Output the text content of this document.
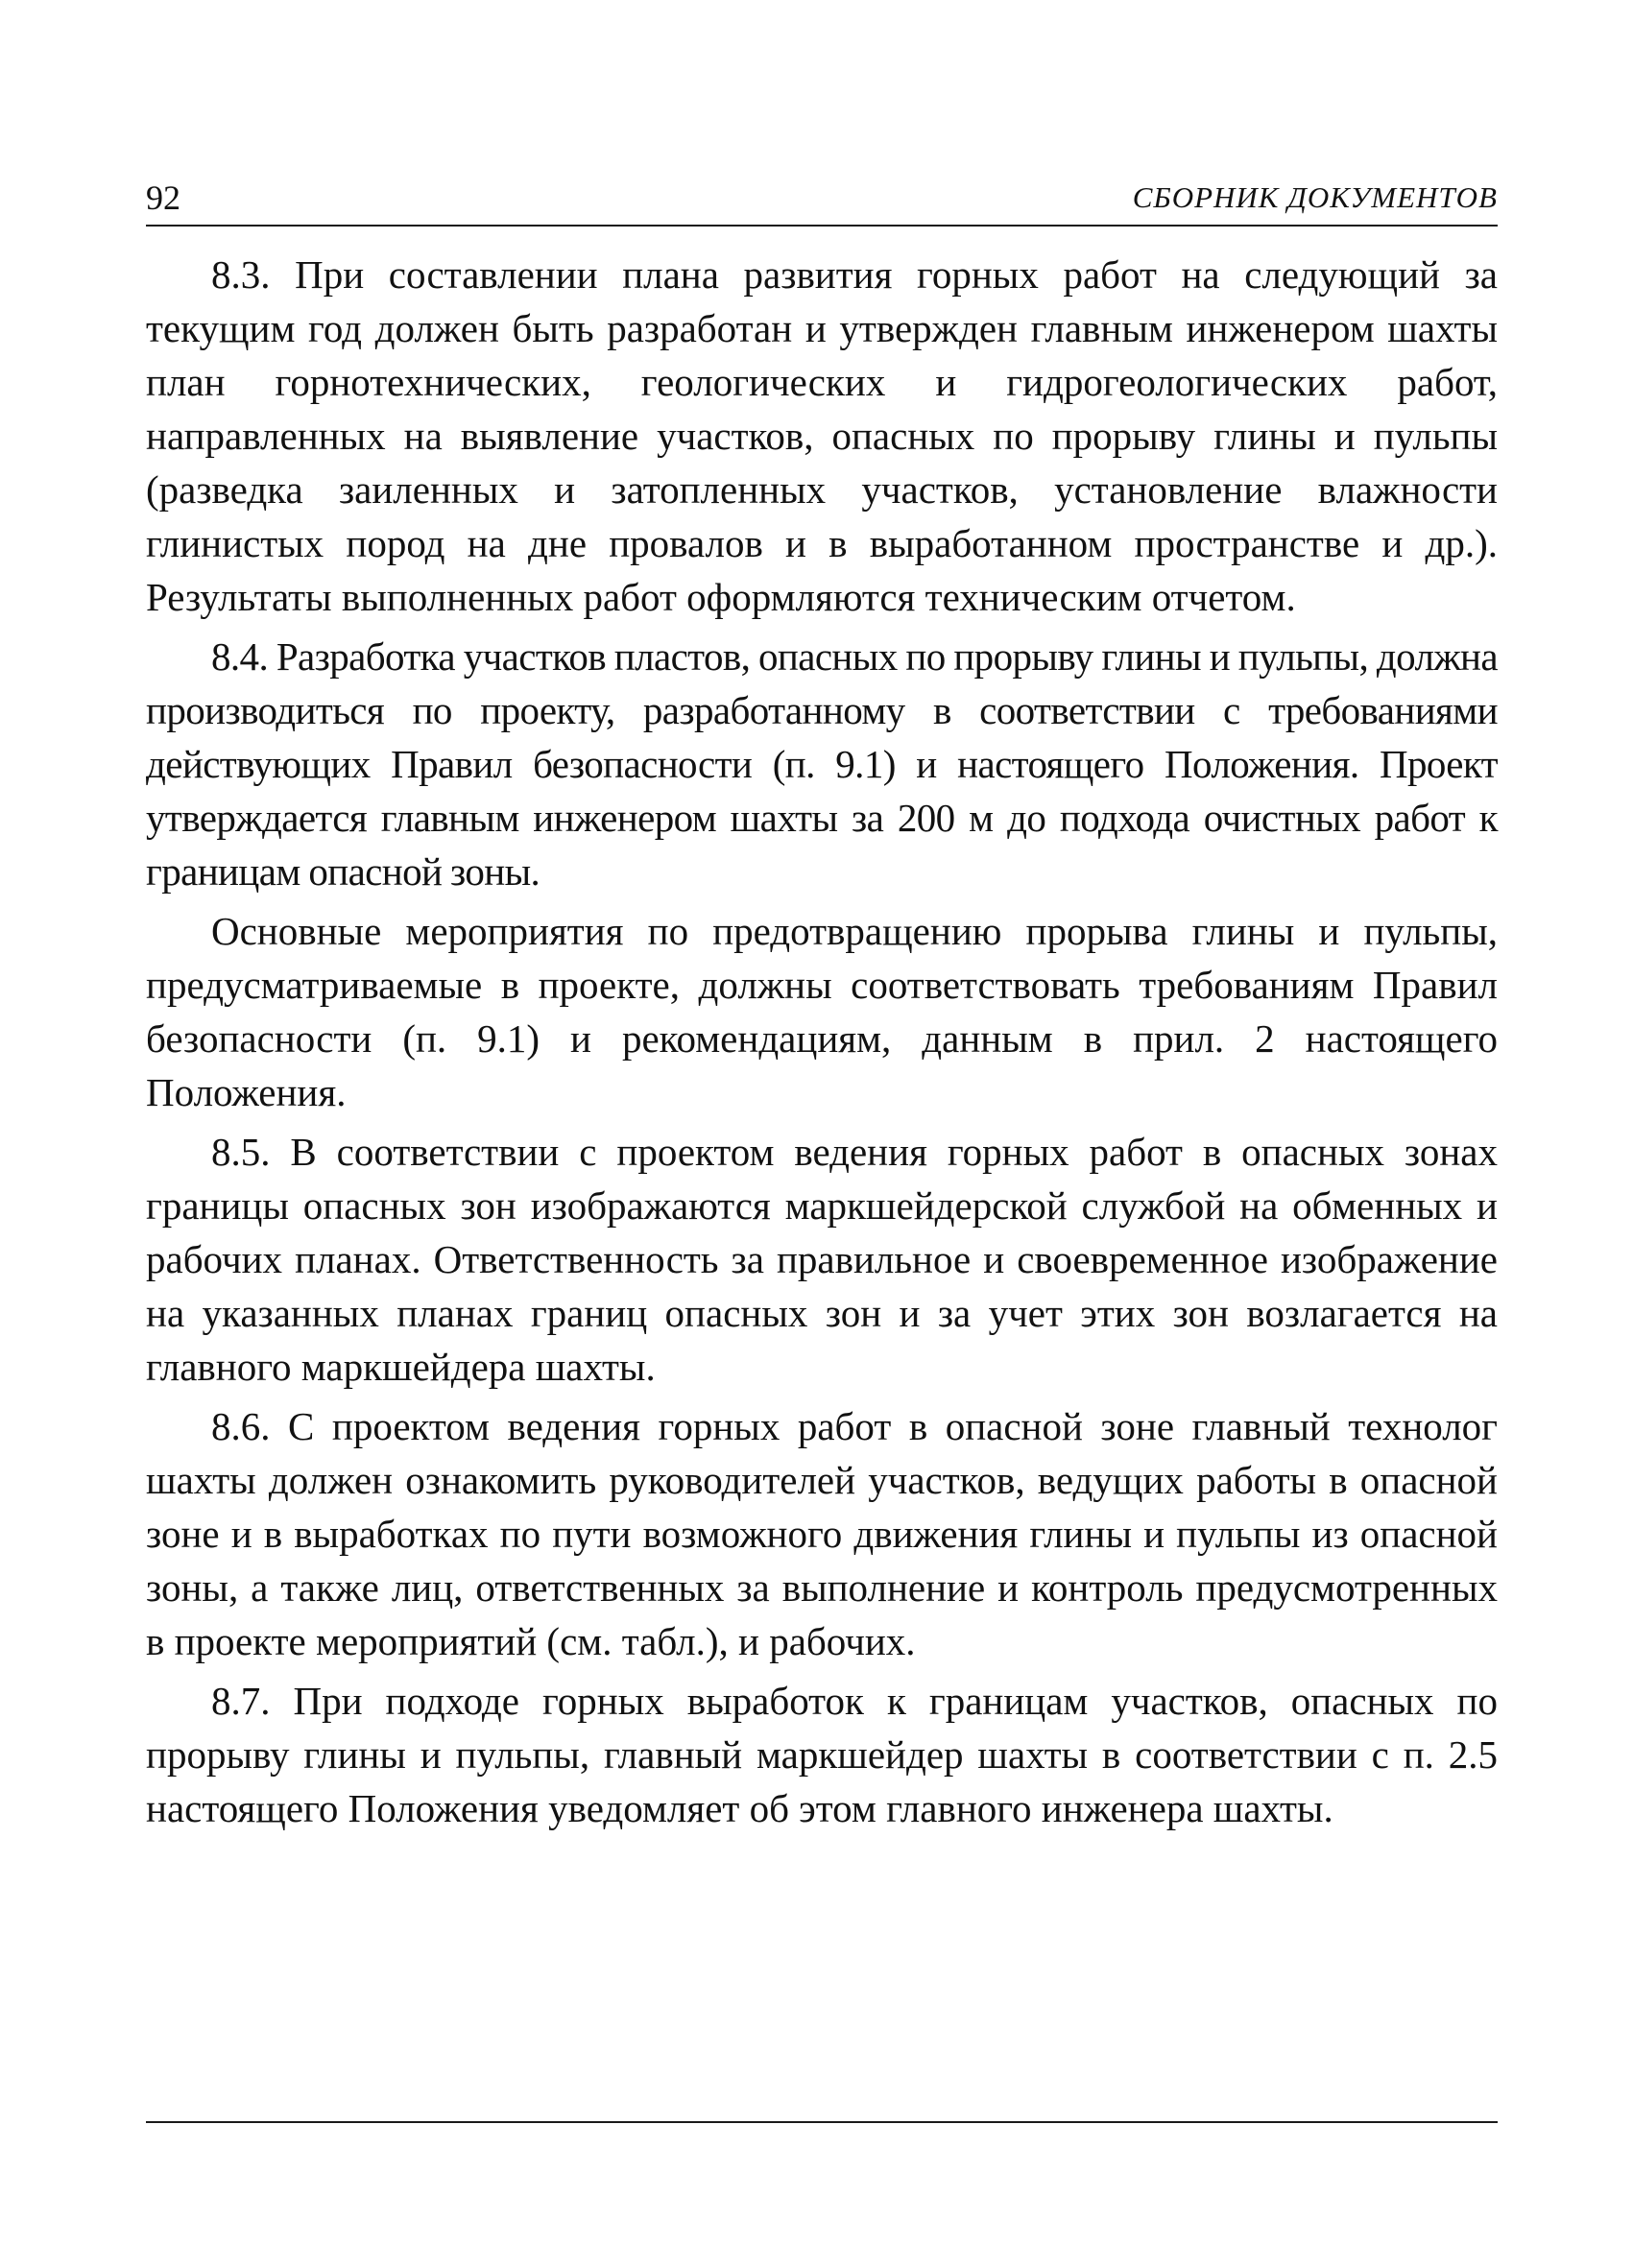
92	СБОРНИК ДОКУМЕНТОВ

8.3. При составлении плана развития горных работ на следующий за текущим год должен быть разработан и утвержден главным инженером шахты план горнотехнических, геологических и гидрогеологических работ, направленных на выявление участков, опасных по прорыву глины и пульпы (разведка заиленных и затопленных участков, установление влажности глинистых пород на дне провалов и в выработанном пространстве и др.). Результаты выполненных работ оформляются техническим отчетом.

8.4. Разработка участков пластов, опасных по прорыву глины и пульпы, должна производиться по проекту, разработанному в соответствии с требованиями действующих Правил безопасности (п. 9.1) и настоящего Положения. Проект утверждается главным инженером шахты за 200 м до подхода очистных работ к границам опасной зоны.

Основные мероприятия по предотвращению прорыва глины и пульпы, предусматриваемые в проекте, должны соответствовать требованиям Правил безопасности (п. 9.1) и рекомендациям, данным в прил. 2 настоящего Положения.

8.5. В соответствии с проектом ведения горных работ в опасных зонах границы опасных зон изображаются маркшейдерской службой на обменных и рабочих планах. Ответственность за правильное и своевременное изображение на указанных планах границ опасных зон и за учет этих зон возлагается на главного маркшейдера шахты.

8.6. С проектом ведения горных работ в опасной зоне главный технолог шахты должен ознакомить руководителей участков, ведущих работы в опасной зоне и в выработках по пути возможного движения глины и пульпы из опасной зоны, а также лиц, ответственных за выполнение и контроль предусмотренных в проекте мероприятий (см. табл.), и рабочих.

8.7. При подходе горных выработок к границам участков, опасных по прорыву глины и пульпы, главный маркшейдер шахты в соответствии с п. 2.5 настоящего Положения уведомляет об этом главного инженера шахты.
